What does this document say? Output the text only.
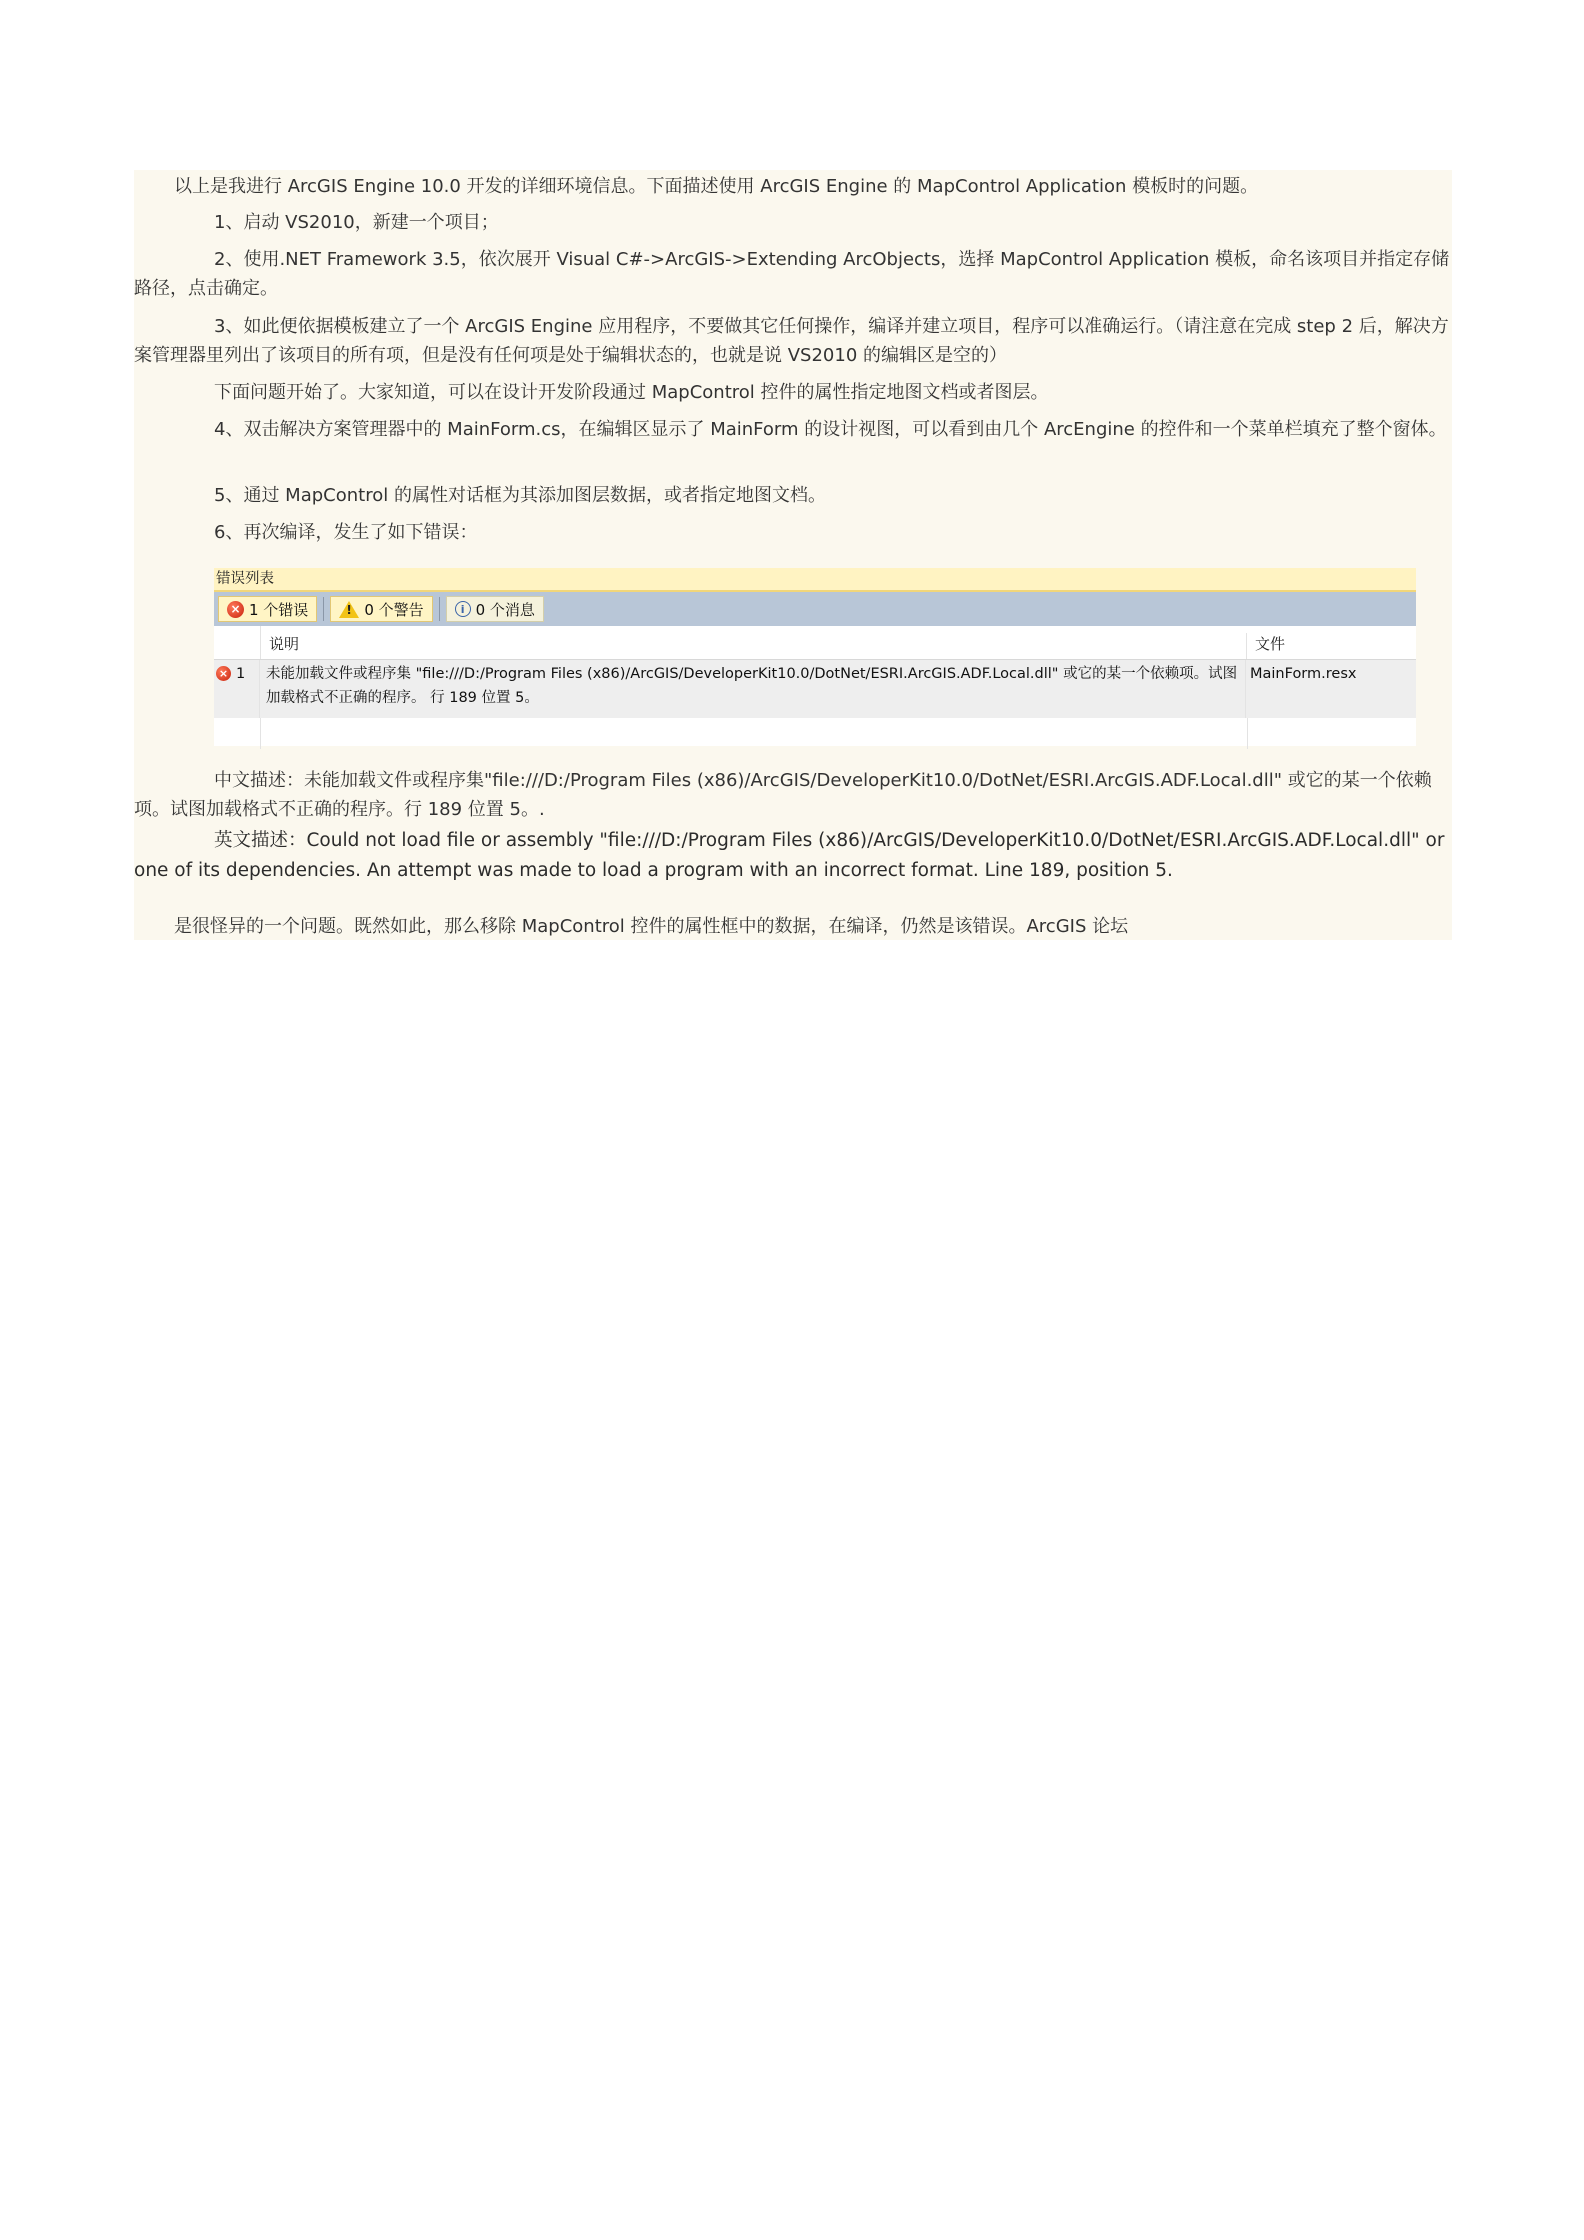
以上是我进行 ArcGIS Engine 10.0 开发的详细环境信息。下面描述使用 ArcGIS Engine 的 MapControl Application 模板时的问题。

1、启动 VS2010，新建一个项目；

2、使用.NET Framework 3.5，依次展开 Visual C#->ArcGIS->Extending ArcObjects，选择 MapControl Application 模板，命名该项目并指定存储路径，点击确定。

3、如此便依据模板建立了一个 ArcGIS Engine 应用程序，不要做其它任何操作，编译并建立项目，程序可以准确运行。（请注意在完成 step 2 后，解决方案管理器里列出了该项目的所有项，但是没有任何项是处于编辑状态的，也就是说 VS2010 的编辑区是空的）

下面问题开始了。大家知道，可以在设计开发阶段通过 MapControl 控件的属性指定地图文档或者图层。

4、双击解决方案管理器中的 MainForm.cs，在编辑区显示了 MainForm 的设计视图，可以看到由几个 ArcEngine 的控件和一个菜单栏填充了整个窗体。

5、通过 MapControl 的属性对话框为其添加图层数据，或者指定地图文档。

6、再次编译，发生了如下错误：

错误列表
× 1 个错误
!	0 个警告	i 0 个消息
说明	文件
× 1	未能加载文件或程序集 "file:///D:/Program Files (x86)/ArcGIS/DeveloperKit10.0/DotNet/ESRI.ArcGIS.ADF.Local.dll" 或它的某一个依赖项。试图加载格式不正确的程序。 行 189 位置 5。
MainForm.resx

中文描述：未能加载文件或程序集"file:///D:/Program Files (x86)/ArcGIS/DeveloperKit10.0/DotNet/ESRI.ArcGIS.ADF.Local.dll" 或它的某一个依赖项。试图加载格式不正确的程序。行 189 位置 5。.

英文描述：Could not load file or assembly "file:///D:/Program Files (x86)/ArcGIS/DeveloperKit10.0/DotNet/ESRI.ArcGIS.ADF.Local.dll" or one of its dependencies. An attempt was made to load a program with an incorrect format. Line 189, position 5.

是很怪异的一个问题。既然如此，那么移除 MapControl 控件的属性框中的数据，在编译，仍然是该错误。ArcGIS 论坛
